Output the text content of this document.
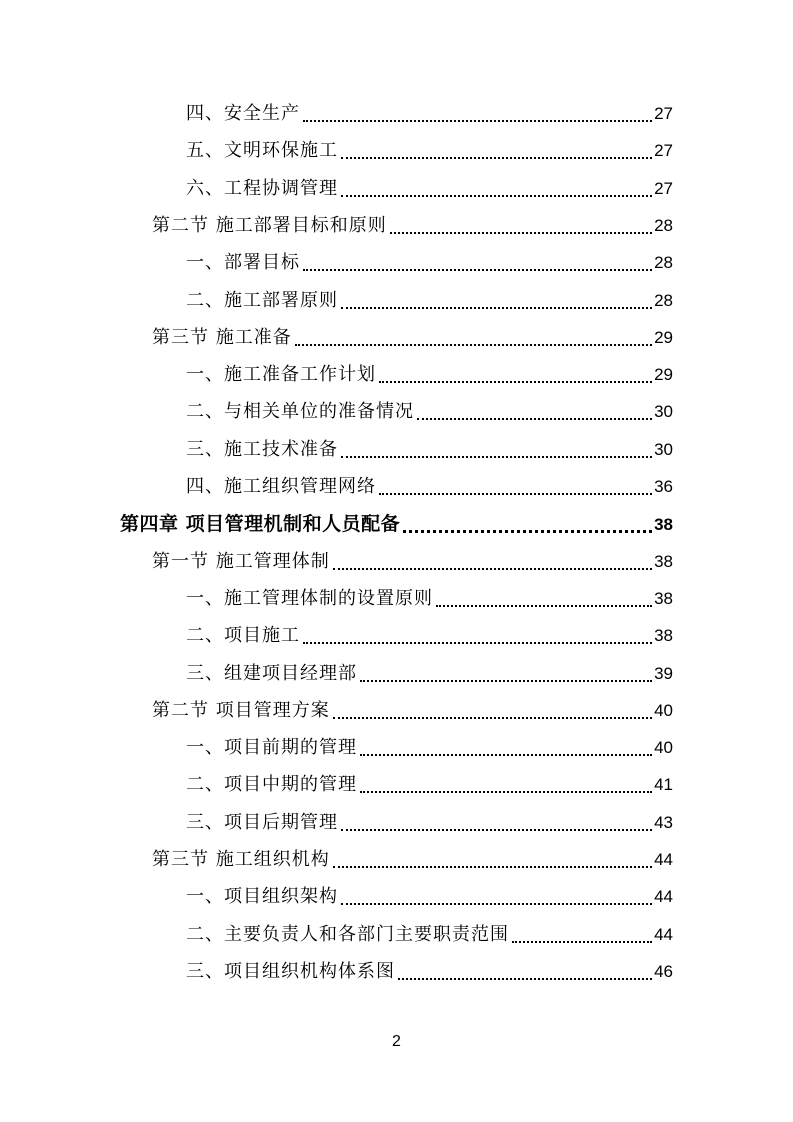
四、安全生产	27
五、文明环保施工	27
六、工程协调管理	27
第二节 施工部署目标和原则	28
一、部署目标	28
二、施工部署原则	28
第三节 施工准备	29
一、施工准备工作计划	29
二、与相关单位的准备情况	30
三、施工技术准备	30
四、施工组织管理网络	36
第四章 项目管理机制和人员配备	38
第一节 施工管理体制	38
一、施工管理体制的设置原则	38
二、项目施工	38
三、组建项目经理部	39
第二节 项目管理方案	40
一、项目前期的管理	40
二、项目中期的管理	41
三、项目后期管理	43
第三节 施工组织机构	44
一、项目组织架构	44
二、主要负责人和各部门主要职责范围	44
三、项目组织机构体系图	46
2
